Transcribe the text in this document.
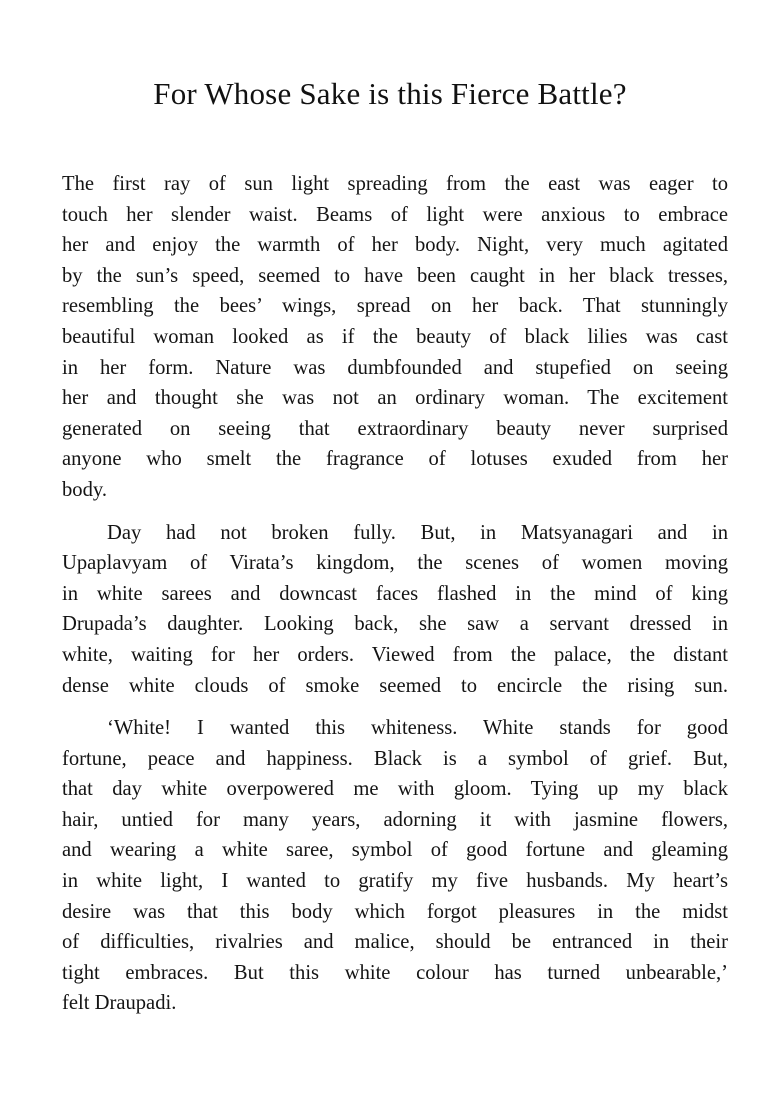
For Whose Sake is this Fierce Battle?

The first ray of sun light spreading from the east was eager to
touch her slender waist. Beams of light were anxious to embrace
her and enjoy the warmth of her body. Night, very much agitated
by the sun’s speed, seemed to have been caught in her black tresses,
resembling the bees’ wings, spread on her back. That stunningly
beautiful woman looked as if the beauty of black lilies was cast
in her form. Nature was dumbfounded and stupefied on seeing
her and thought she was not an ordinary woman. The excitement
generated on seeing that extraordinary beauty never surprised
anyone who smelt the fragrance of lotuses exuded from her
body.

Day had not broken fully. But, in Matsyanagari and in
Upaplavyam of Virata’s kingdom, the scenes of women moving
in white sarees and downcast faces flashed in the mind of king
Drupada’s daughter. Looking back, she saw a servant dressed in
white, waiting for her orders. Viewed from the palace, the distant
dense white clouds of smoke seemed to encircle the rising sun.

‘White! I wanted this whiteness. White stands for good
fortune, peace and happiness. Black is a symbol of grief. But,
that day white overpowered me with gloom. Tying up my black
hair, untied for many years, adorning it with jasmine flowers,
and wearing a white saree, symbol of good fortune and gleaming
in white light, I wanted to gratify my five husbands. My heart’s
desire was that this body which forgot pleasures in the midst
of difficulties, rivalries and malice, should be entranced in their
tight embraces. But this white colour has turned unbearable,’
felt Draupadi.
